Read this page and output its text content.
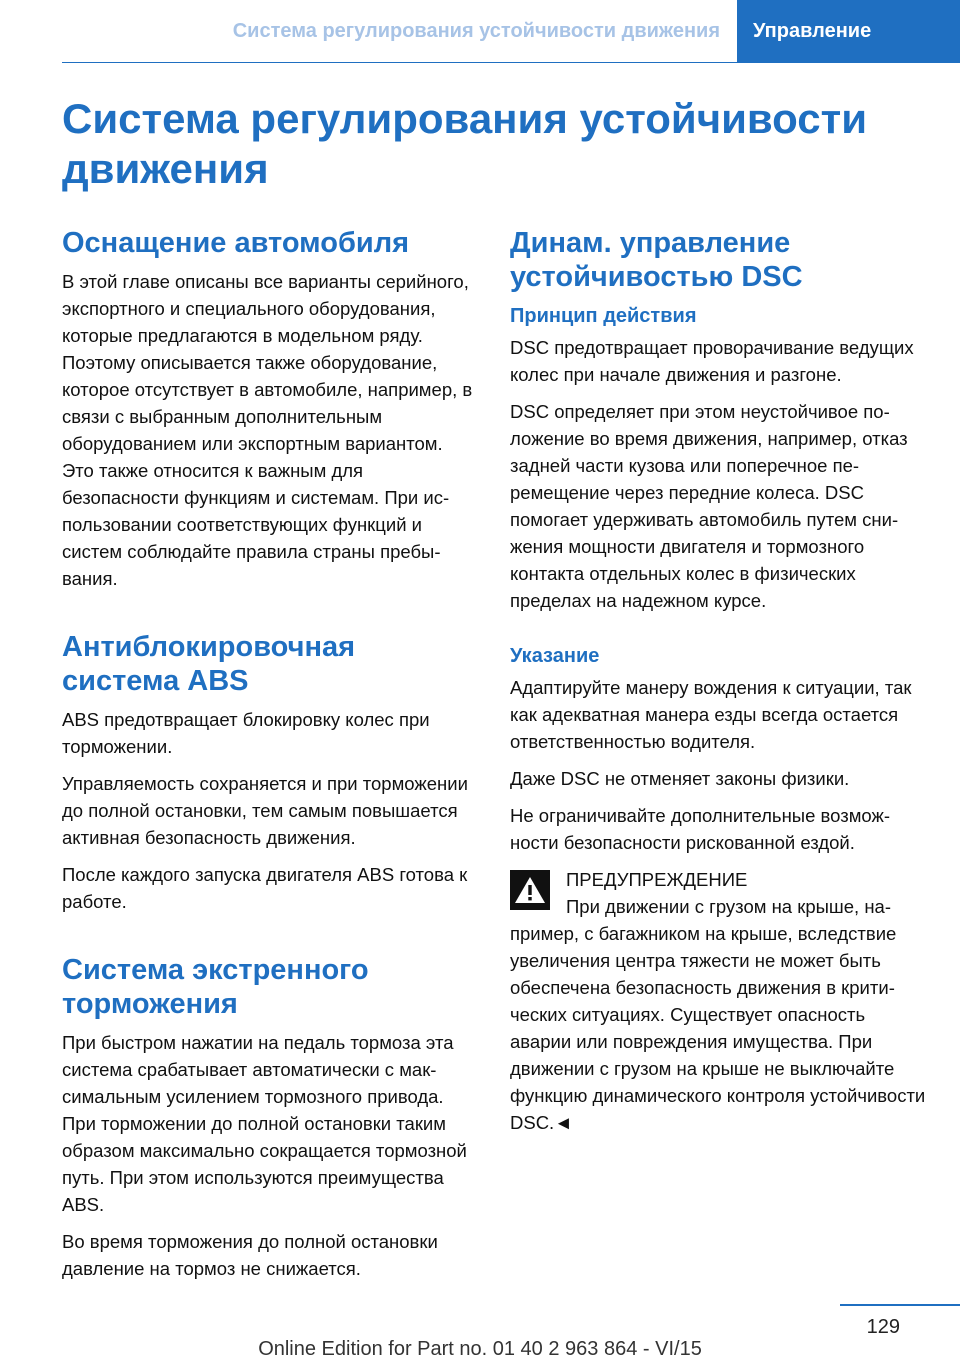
Система регулирования устойчивости движения	Управление
Система регулирования устойчивости движения
Оснащение автомобиля

В этой главе описаны все варианты серийного, экспортного и специального оборудования, которые предлагаются в модельном ряду. Поэтому описывается также оборудование, которое отсутствует в автомобиле, например, в связи с выбранным дополнительным оборудованием или экспортным вариантом. Это также относится к важным для безопасности функциям и системам. При использовании соответствующих функций и систем соблюдайте правила страны пребывания.

Антиблокировочная система ABS

ABS предотвращает блокировку колес при торможении.

Управляемость сохраняется и при торможении до полной остановки, тем самым повышается активная безопасность движения.

После каждого запуска двигателя ABS готова к работе.

Система экстренного торможения

При быстром нажатии на педаль тормоза эта система срабатывает автоматически с максимальным усилением тормозного привода. При торможении до полной остановки таким образом максимально сокращается тормозной путь. При этом используются преимущества ABS.

Во время торможения до полной остановки давление на тормоз не снижается.

Динам. управление устойчивостью DSC
Принцип действия

DSC предотвращает проворачивание ведущих колес при начале движения и разгоне.

DSC определяет при этом неустойчивое положение во время движения, например, отказ задней части кузова или поперечное перемещение через передние колеса. DSC помогает удерживать автомобиль путем снижения мощности двигателя и тормозного контакта отдельных колес в физических пределах на надежном курсе.

Указание

Адаптируйте манеру вождения к ситуации, так как адекватная манера езды всегда остается ответственностью водителя.

Даже DSC не отменяет законы физики.

Не ограничивайте дополнительные возможности безопасности рискованной ездой.

ПРЕДУПРЕЖДЕНИЕ

При движении с грузом на крыше, например, с багажником на крыше, вследствие увеличения центра тяжести не может быть обеспечена безопасность движения в критических ситуациях. Существует опасность аварии или повреждения имущества. При движении с грузом на крыше не выключайте функцию динамического контроля устойчивости DSC.◄

129
Online Edition for Part no. 01 40 2 963 864 - VI/15
